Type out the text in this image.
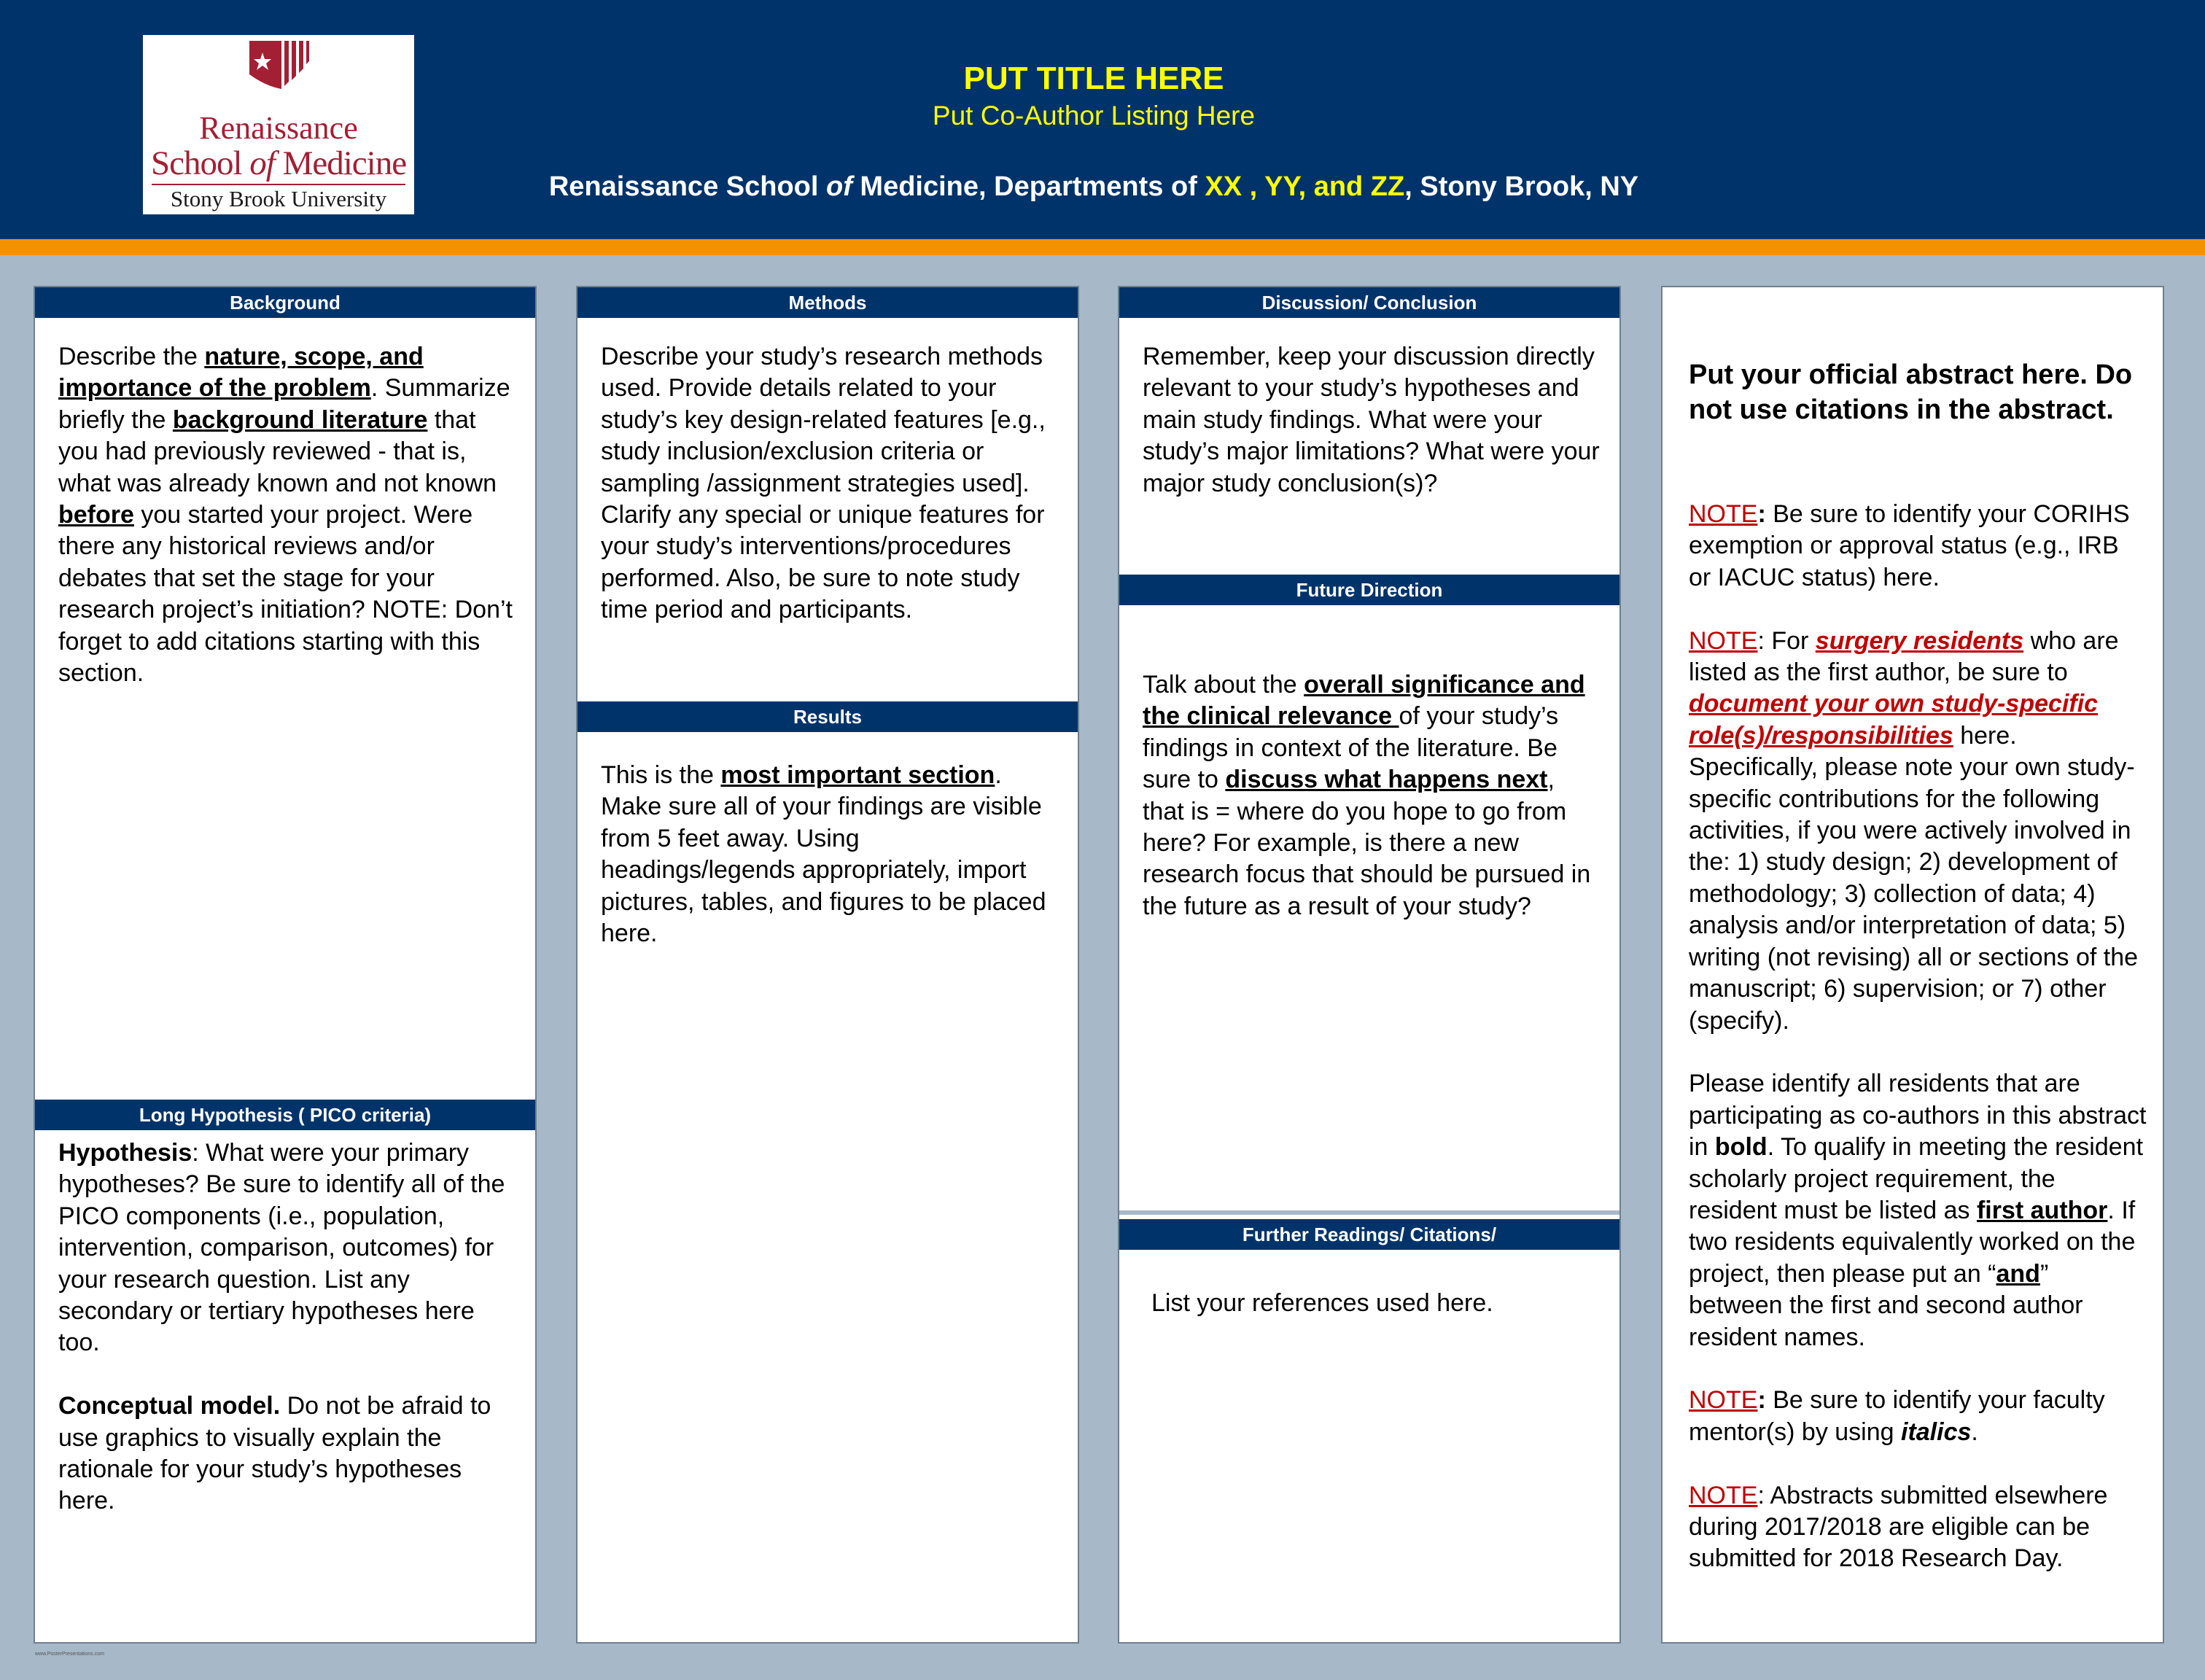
Renaissance
School of Medicine
Stony Brook University
PUT TITLE HERE
Put Co-Author Listing Here
Renaissance School of Medicine, Departments of XX , YY, and ZZ, Stony Brook, NY
Background
Describe the nature, scope, and importance of the problem. Summarize briefly the background literature that you had previously reviewed - that is, what was already known and not known before you started your project. Were there any historical reviews and/or debates that set the stage for your research project’s initiation? NOTE: Don’t forget to add citations starting with this section.
Long Hypothesis ( PICO criteria)
Hypothesis: What were your primary hypotheses? Be sure to identify all of the PICO components (i.e., population, intervention, comparison, outcomes) for your research question. List any secondary or tertiary hypotheses here too.

Conceptual model. Do not be afraid to use graphics to visually explain the rationale for your study’s hypotheses here.
Methods
Describe your study’s research methods used. Provide details related to your study’s key design-related features [e.g., study inclusion/exclusion criteria or sampling /assignment strategies used]. Clarify any special or unique features for your study’s interventions/procedures performed. Also, be sure to note study time period and participants.
Results
This is the most important section. Make sure all of your findings are visible from 5 feet away. Using headings/legends appropriately, import pictures, tables, and figures to be placed here.
Discussion/ Conclusion
Remember, keep your discussion directly relevant to your study’s hypotheses and main study findings. What were your study’s major limitations? What were your major study conclusion(s)?
Future Direction
Talk about the overall significance and the clinical relevance of your study’s findings in context of the literature. Be sure to discuss what happens next, that is = where do you hope to go from here? For example, is there a new research focus that should be pursued in the future as a result of your study?
Further Readings/ Citations/
List your references used here.
Put your official abstract here. Do not use citations in the abstract.
NOTE: Be sure to identify your CORIHS exemption or approval status (e.g., IRB or IACUC status) here.

NOTE: For surgery residents who are listed as the first author, be sure to document your own study-specific role(s)/responsibilities here. Specifically, please note your own study-specific contributions for the following activities, if you were actively involved in the: 1) study design; 2) development of methodology; 3) collection of data; 4) analysis and/or interpretation of data; 5) writing (not revising) all or sections of the manuscript; 6) supervision; or 7) other (specify).

Please identify all residents that are participating as co-authors in this abstract in bold. To qualify in meeting the resident scholarly project requirement, the resident must be listed as first author. If two residents equivalently worked on the project, then please put an “and” between the first and second author resident names.

NOTE: Be sure to identify your faculty mentor(s) by using italics.

NOTE: Abstracts submitted elsewhere during 2017/2018 are eligible can be submitted for 2018 Research Day.
www.PosterPresentations.com
